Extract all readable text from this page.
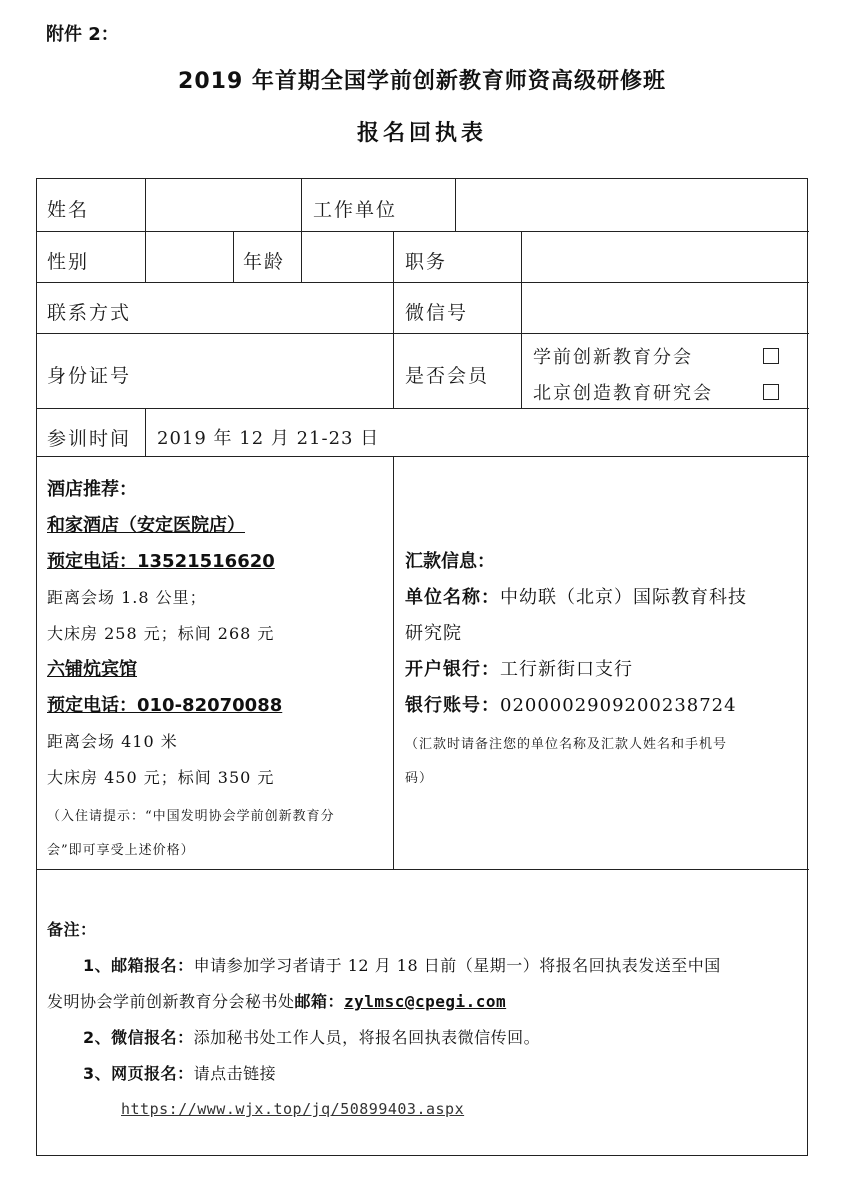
附件 2：
2019 年首期全国学前创新教育师资高级研修班
报名回执表
姓名	工作单位
性别	年龄	职务
联系方式	微信号
身份证号	是否会员
学前创新教育分会
北京创造教育研究会
参训时间 2019 年 12 月 21-23 日
酒店推荐：
和家酒店（安定医院店）
预定电话：13521516620
距离会场 1.8 公里；
大床房 258 元；标间 268 元
六铺炕宾馆
预定电话：010-82070088
距离会场 410 米
大床房 450 元；标间 350 元
（入住请提示：“中国发明协会学前创新教育分
会”即可享受上述价格）
汇款信息：
单位名称：中幼联（北京）国际教育科技
研究院
开户银行：工行新街口支行
银行账号：0200002909200238724
（汇款时请备注您的单位名称及汇款人姓名和手机号
码）
备注：
1、邮箱报名：申请参加学习者请于 12 月 18 日前（星期一）将报名回执表发送至中国
发明协会学前创新教育分会秘书处邮箱：zylmsc@cpegi.com
2、微信报名：添加秘书处工作人员，将报名回执表微信传回。
3、网页报名：请点击链接
https://www.wjx.top/jq/50899403.aspx
